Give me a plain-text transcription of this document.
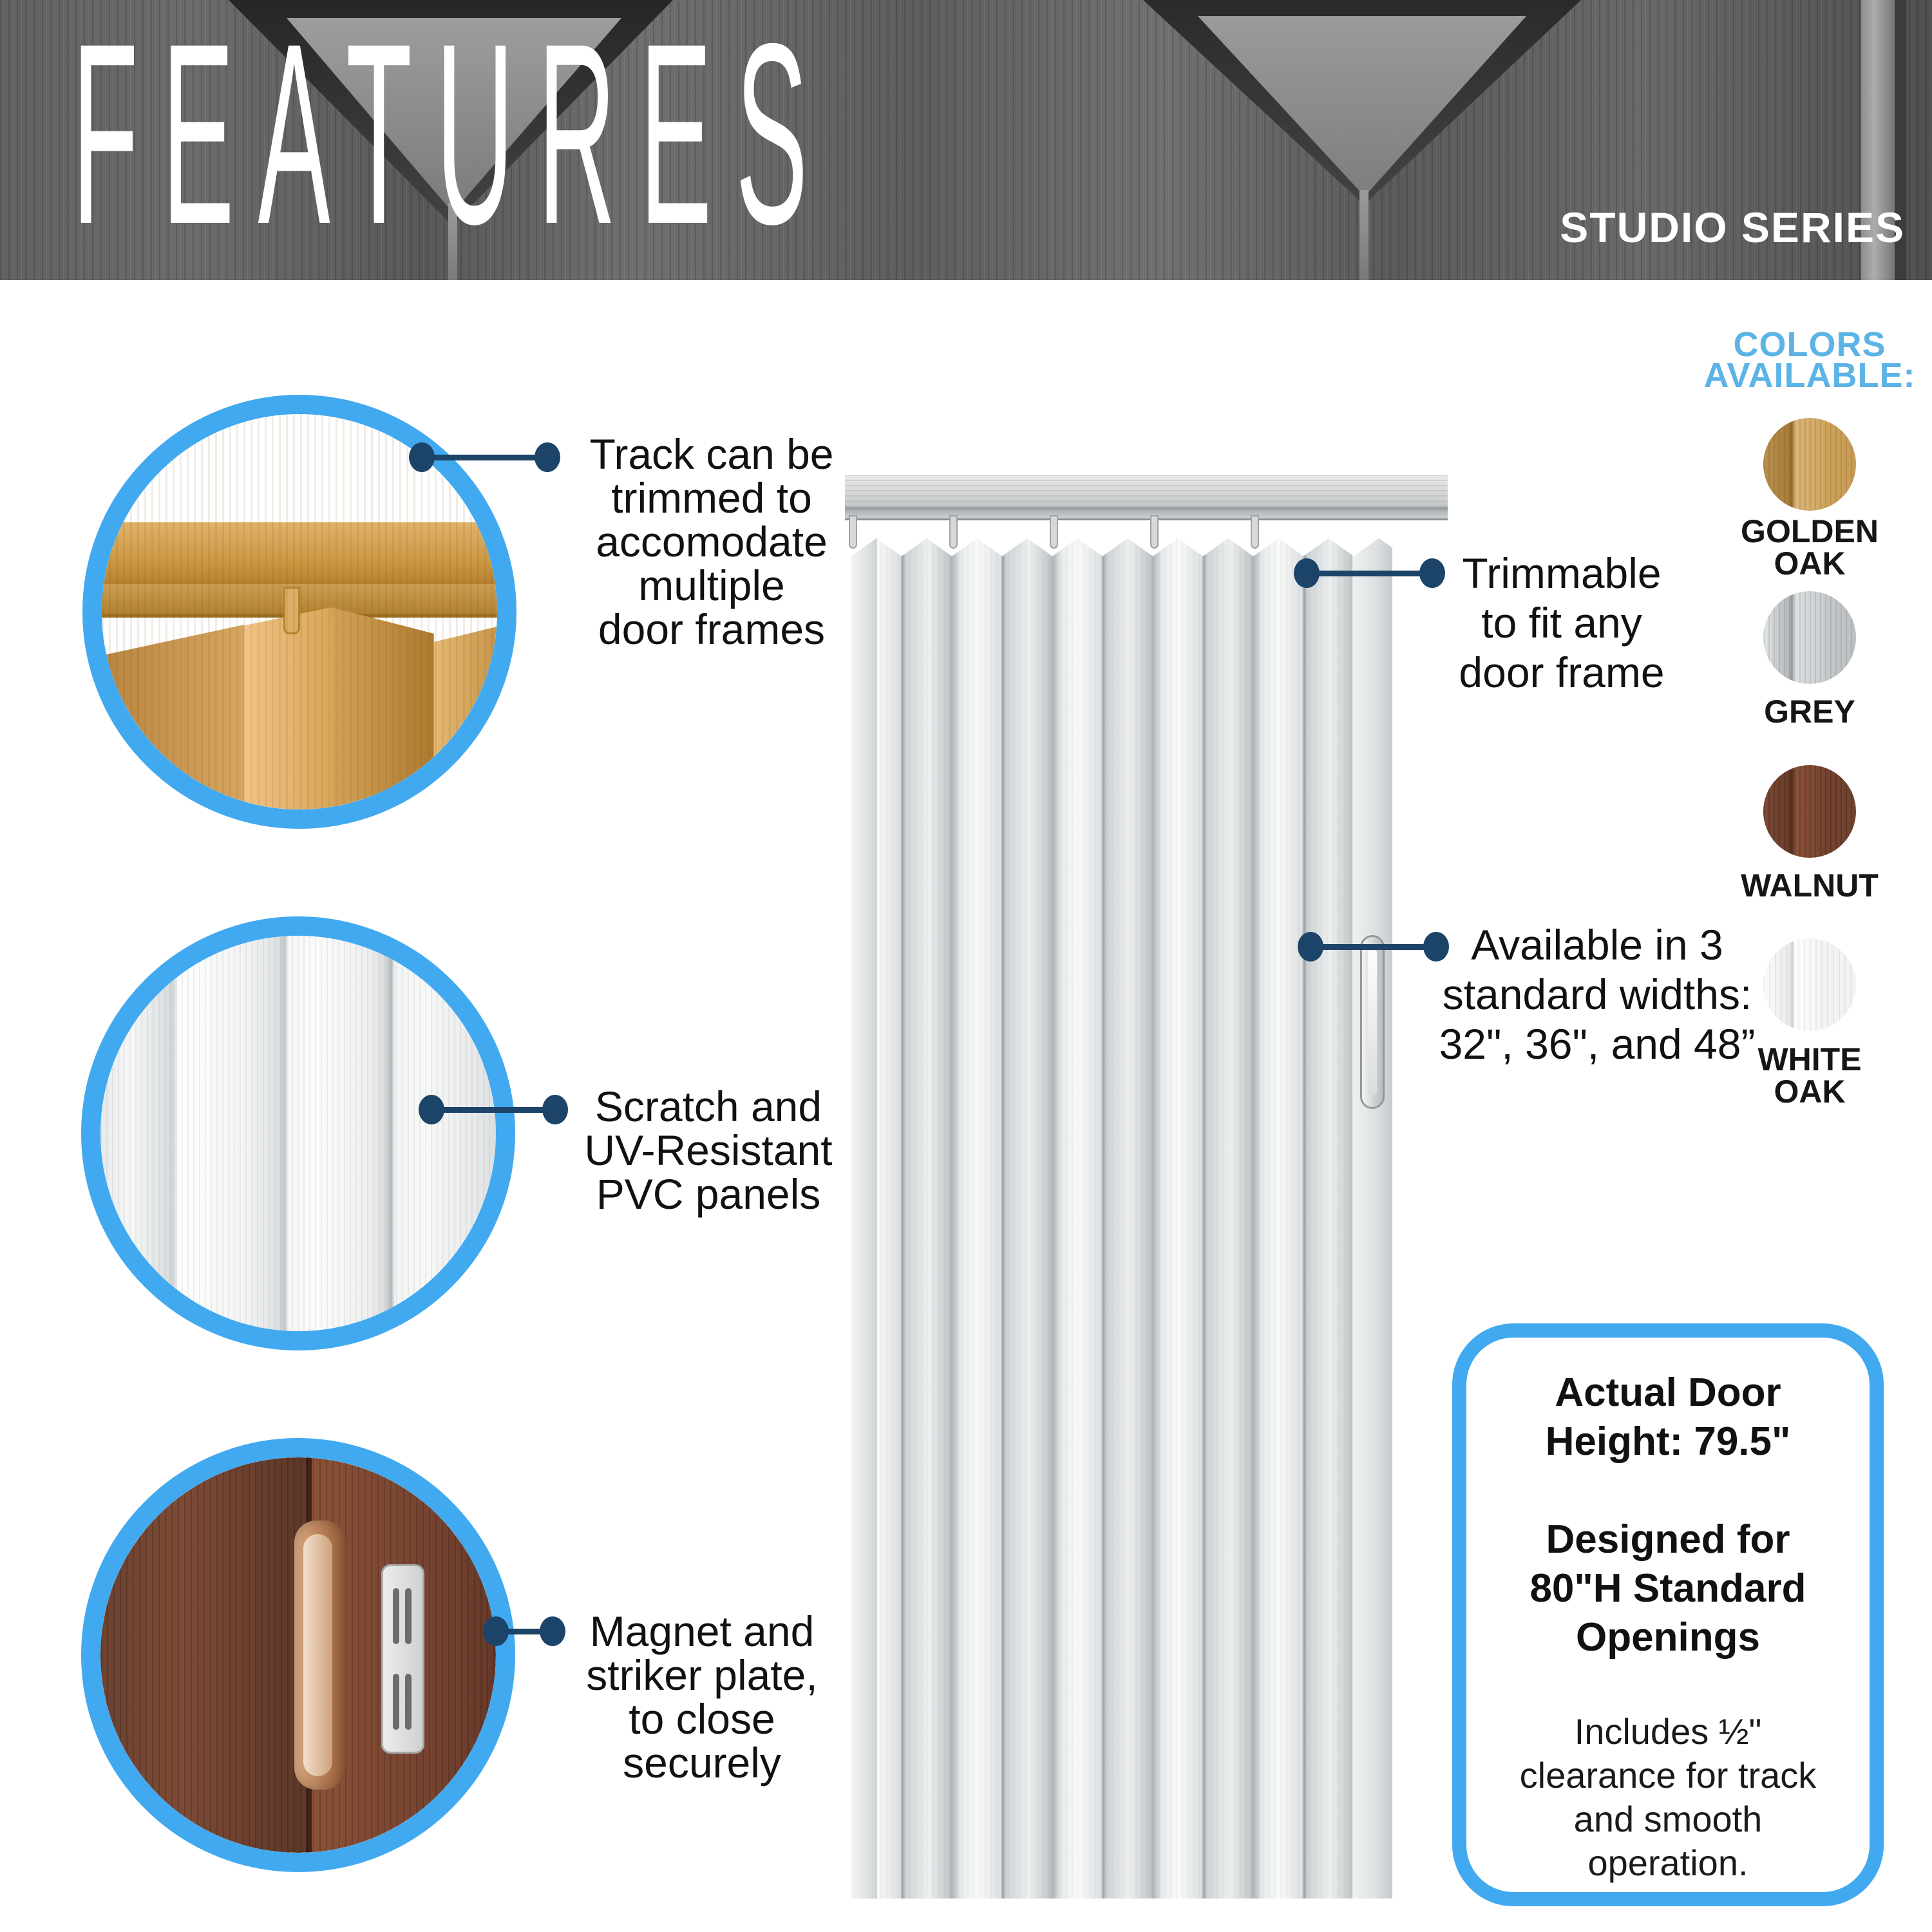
FEATURES	STUDIO SERIES
Track can be
trimmed to
accomodate
multiple
door frames
Scratch and
UV-Resistant
PVC panels
Magnet and
striker plate,
to close
securely
Trimmable
to fit any
door frame
Available in 3
standard widths:
32", 36", and 48”
COLORS
AVAILABLE:
GOLDEN
OAK
GREY
WALNUT
WHITE
OAK

Actual Door
Height: 79.5"

Designed for
80"H Standard
Openings

Includes ½"
clearance for track
and smooth
operation.
